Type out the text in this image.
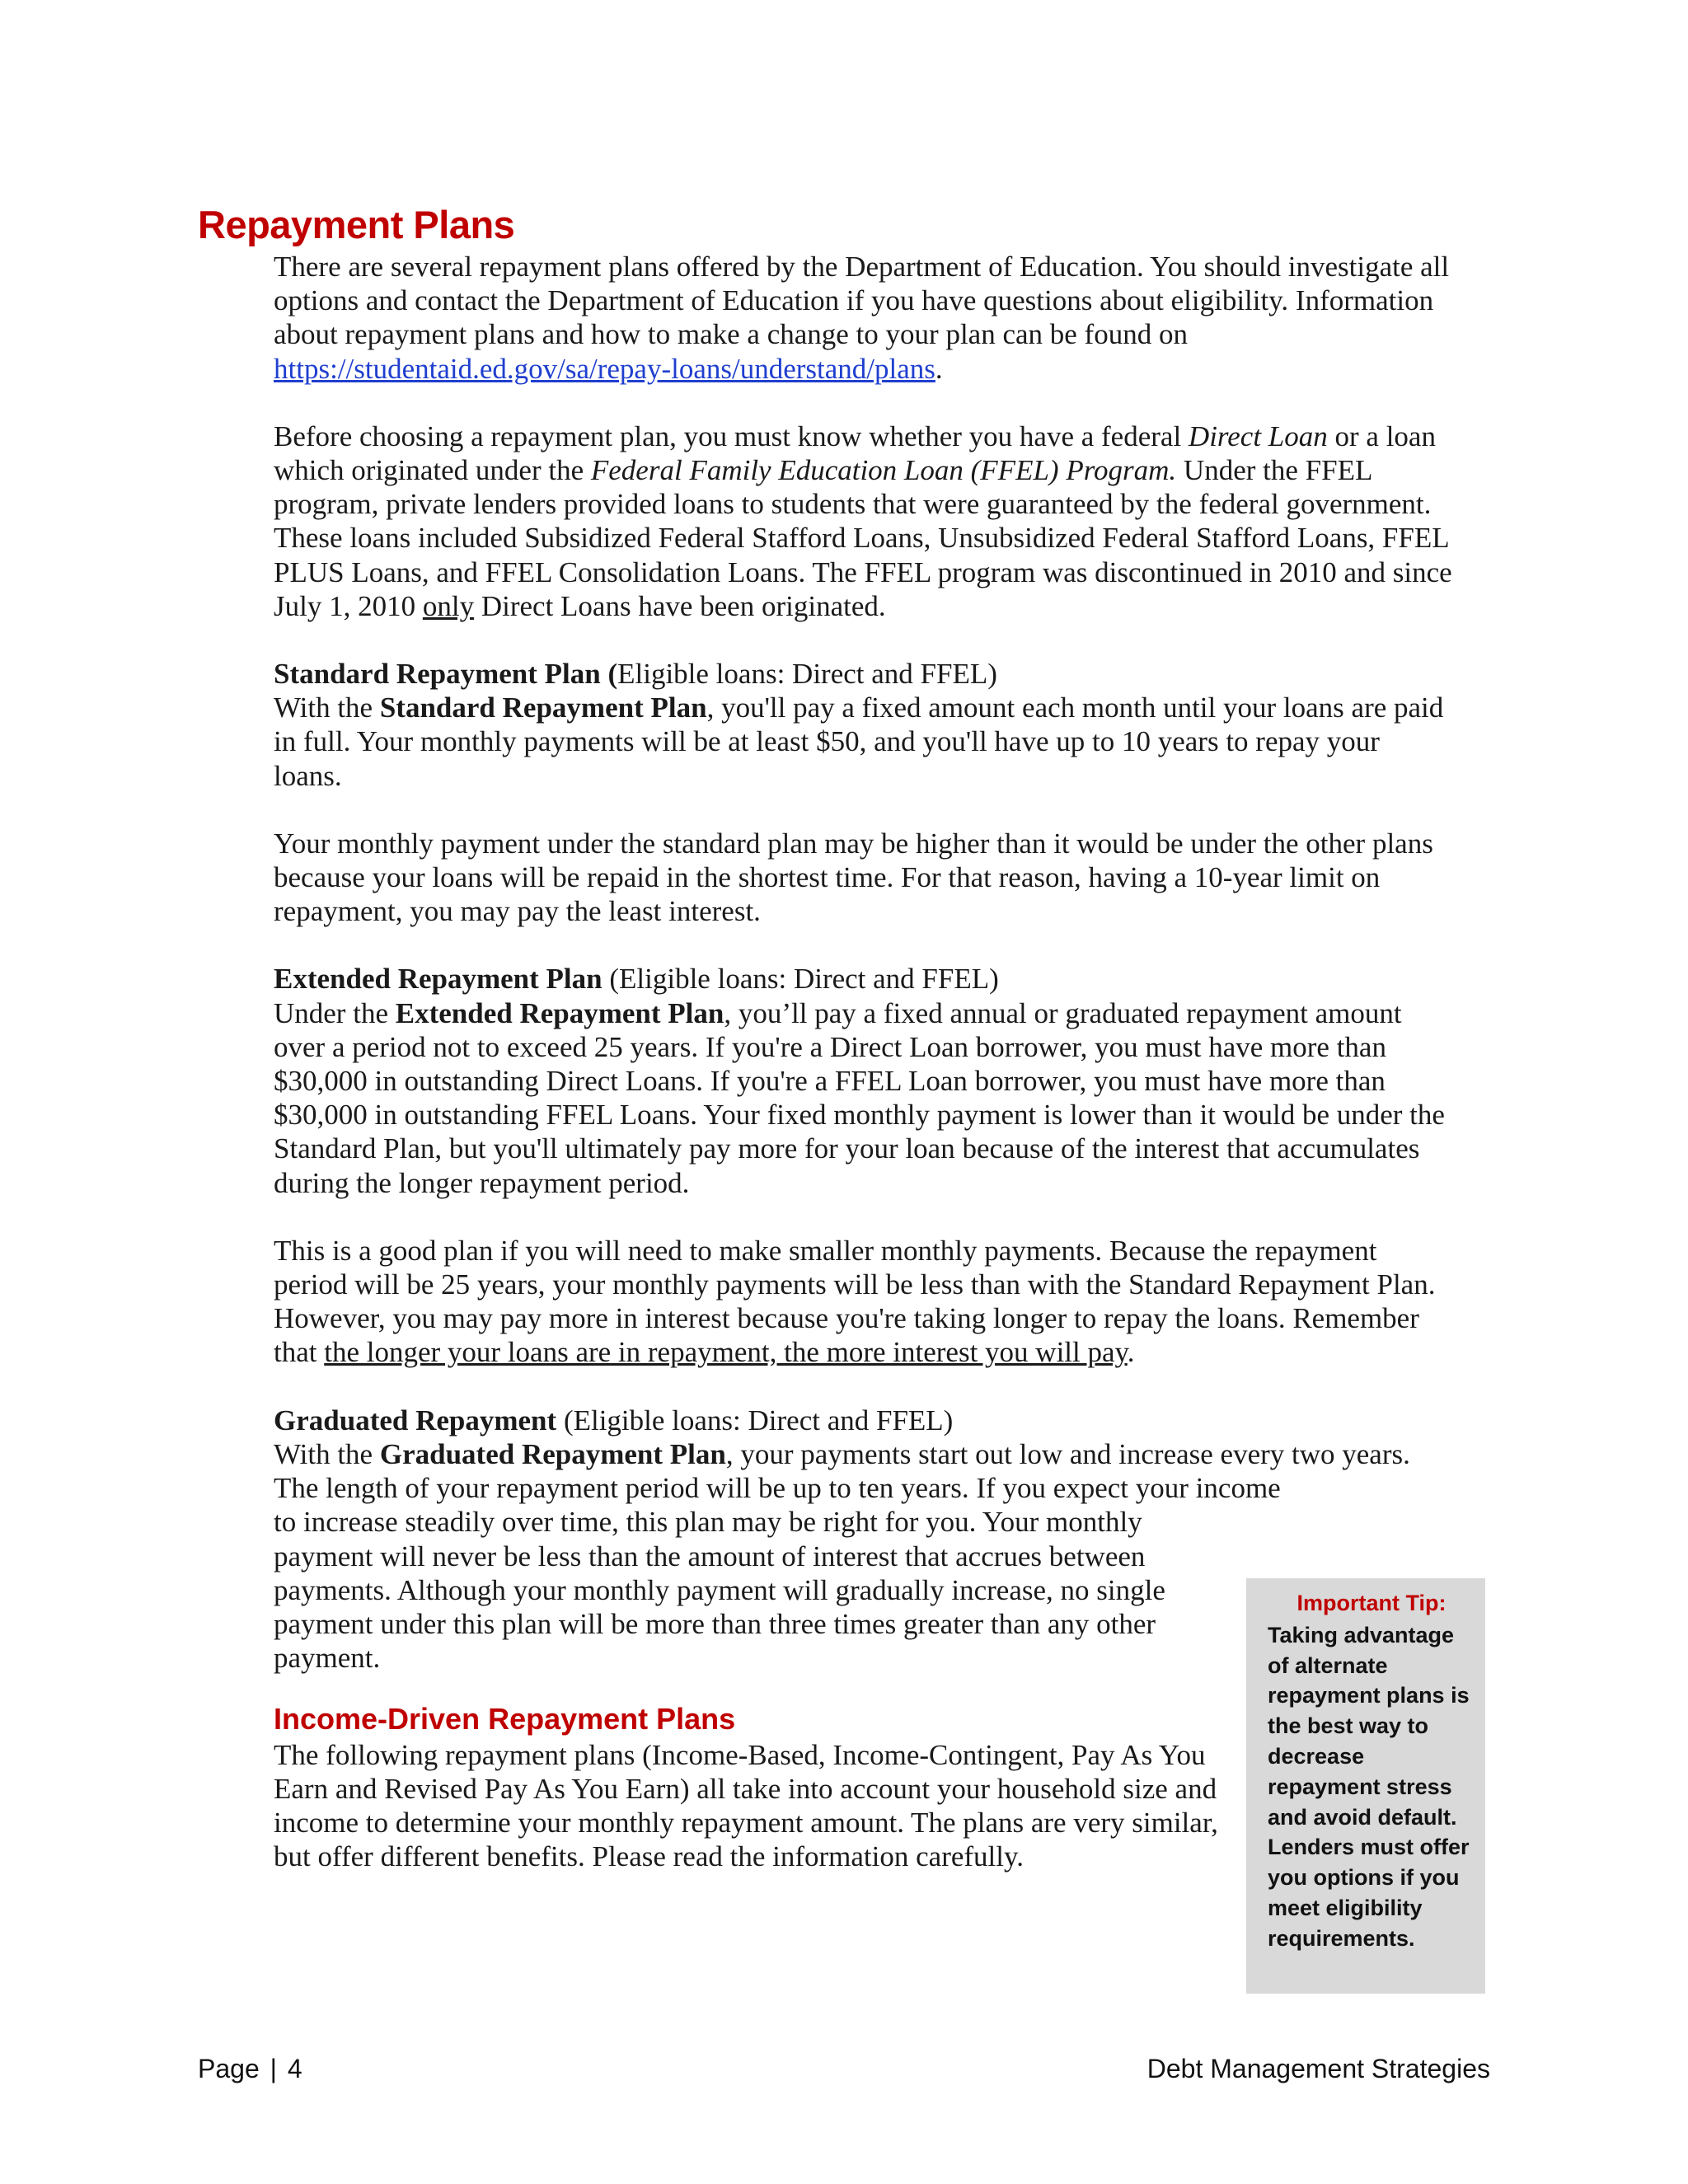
Repayment Plans

There are several repayment plans offered by the Department of Education. You should investigate all options and contact the Department of Education if you have questions about eligibility. Information about repayment plans and how to make a change to your plan can be found on https://studentaid.ed.gov/sa/repay-loans/understand/plans.

Before choosing a repayment plan, you must know whether you have a federal Direct Loan or a loan which originated under the Federal Family Education Loan (FFEL) Program. Under the FFEL program, private lenders provided loans to students that were guaranteed by the federal government. These loans included Subsidized Federal Stafford Loans, Unsubsidized Federal Stafford Loans, FFEL PLUS Loans, and FFEL Consolidation Loans. The FFEL program was discontinued in 2010 and since July 1, 2010 only Direct Loans have been originated.

Standard Repayment Plan (Eligible loans: Direct and FFEL)

With the Standard Repayment Plan, you'll pay a fixed amount each month until your loans are paid in full. Your monthly payments will be at least $50, and you'll have up to 10 years to repay your loans.

Your monthly payment under the standard plan may be higher than it would be under the other plans because your loans will be repaid in the shortest time. For that reason, having a 10-year limit on repayment, you may pay the least interest.

Extended Repayment Plan (Eligible loans: Direct and FFEL)

Under the Extended Repayment Plan, you’ll pay a fixed annual or graduated repayment amount over a period not to exceed 25 years. If you're a Direct Loan borrower, you must have more than $30,000 in outstanding Direct Loans. If you're a FFEL Loan borrower, you must have more than $30,000 in outstanding FFEL Loans. Your fixed monthly payment is lower than it would be under the Standard Plan, but you'll ultimately pay more for your loan because of the interest that accumulates during the longer repayment period.

This is a good plan if you will need to make smaller monthly payments. Because the repayment period will be 25 years, your monthly payments will be less than with the Standard Repayment Plan. However, you may pay more in interest because you're taking longer to repay the loans. Remember that the longer your loans are in repayment, the more interest you will pay.

Graduated Repayment (Eligible loans: Direct and FFEL)

With the Graduated Repayment Plan, your payments start out low and increase every two years. The length of your repayment period will be up to ten years. If you expect your income

to increase steadily over time, this plan may be right for you. Your monthly payment will never be less than the amount of interest that accrues between payments. Although your monthly payment will gradually increase, no single payment under this plan will be more than three times greater than any other payment.

Income-Driven Repayment Plans

The following repayment plans (Income-Based, Income-Contingent, Pay As You Earn and Revised Pay As You Earn) all take into account your household size and income to determine your monthly repayment amount. The plans are very similar, but offer different benefits. Please read the information carefully.

Important Tip:
Taking advantage of alternate repayment plans is the best way to decrease repayment stress and avoid default. Lenders must offer you options if you meet eligibility requirements.
Page | 4	Debt Management Strategies
